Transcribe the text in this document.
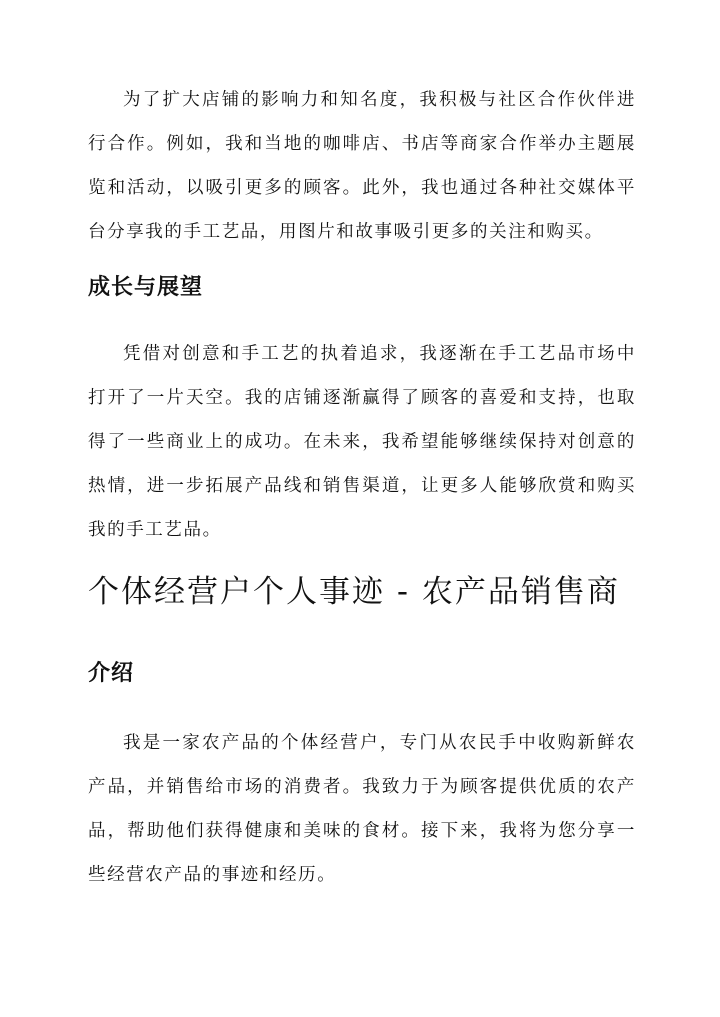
为了扩大店铺的影响力和知名度，我积极与社区合作伙伴进行合作。例如，我和当地的咖啡店、书店等商家合作举办主题展览和活动，以吸引更多的顾客。此外，我也通过各种社交媒体平台分享我的手工艺品，用图片和故事吸引更多的关注和购买。

成长与展望

凭借对创意和手工艺的执着追求，我逐渐在手工艺品市场中打开了一片天空。我的店铺逐渐赢得了顾客的喜爱和支持，也取得了一些商业上的成功。在未来，我希望能够继续保持对创意的热情，进一步拓展产品线和销售渠道，让更多人能够欣赏和购买我的手工艺品。

个体经营户个人事迹 - 农产品销售商
介绍

我是一家农产品的个体经营户，专门从农民手中收购新鲜农产品，并销售给市场的消费者。我致力于为顾客提供优质的农产品，帮助他们获得健康和美味的食材。接下来，我将为您分享一些经营农产品的事迹和经历。
